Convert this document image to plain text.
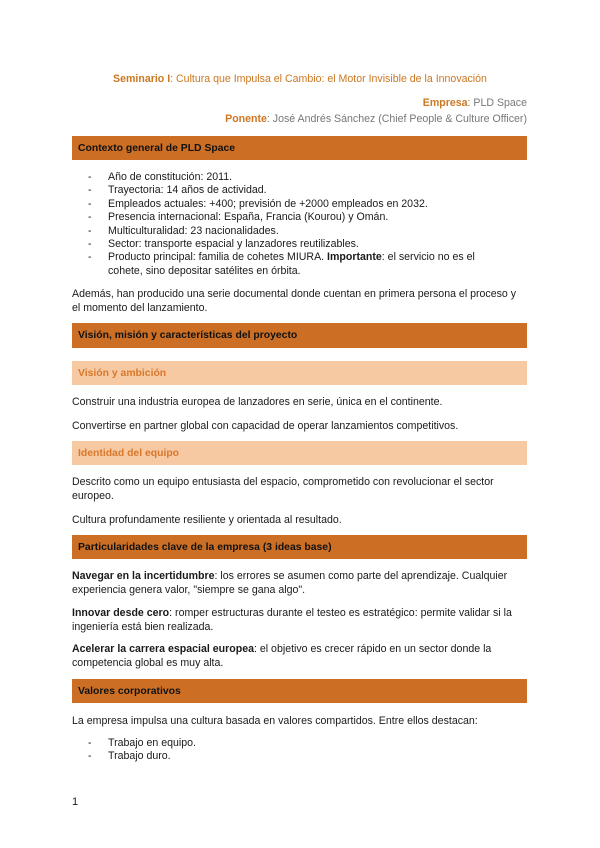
Seminario I: Cultura que Impulsa el Cambio: el Motor Invisible de la Innovación
Empresa: PLD Space
Ponente: José Andrés Sánchez (Chief People & Culture Officer)
Contexto general de PLD Space
- Año de constitución: 2011.
- Trayectoria: 14 años de actividad.
- Empleados actuales: +400; previsión de +2000 empleados en 2032.
- Presencia internacional: España, Francia (Kourou) y Omán.
- Multiculturalidad: 23 nacionalidades.
- Sector: transporte espacial y lanzadores reutilizables.
- Producto principal: familia de cohetes MIURA. Importante: el servicio no es el cohete, sino depositar satélites en órbita.
Además, han producido una serie documental donde cuentan en primera persona el proceso y el momento del lanzamiento.
Visión, misión y características del proyecto
Visión y ambición
Construir una industria europea de lanzadores en serie, única en el continente.
Convertirse en partner global con capacidad de operar lanzamientos competitivos.
Identidad del equipo
Descrito como un equipo entusiasta del espacio, comprometido con revolucionar el sector europeo.
Cultura profundamente resiliente y orientada al resultado.
Particularidades clave de la empresa (3 ideas base)
Navegar en la incertidumbre: los errores se asumen como parte del aprendizaje. Cualquier experiencia genera valor, "siempre se gana algo".
Innovar desde cero: romper estructuras durante el testeo es estratégico: permite validar si la ingeniería está bien realizada.
Acelerar la carrera espacial europea: el objetivo es crecer rápido en un sector donde la competencia global es muy alta.
Valores corporativos
La empresa impulsa una cultura basada en valores compartidos. Entre ellos destacan:
- Trabajo en equipo.
- Trabajo duro.
1
